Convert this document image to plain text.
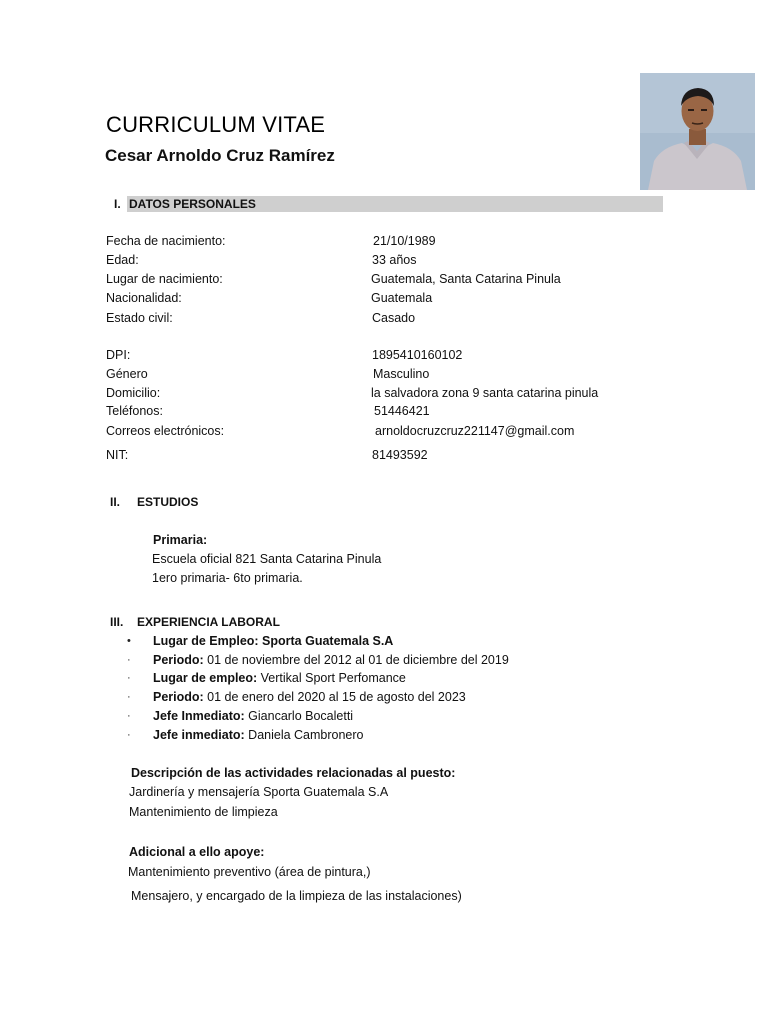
CURRICULUM VITAE
Cesar Arnoldo Cruz Ramírez
I. DATOS PERSONALES
Fecha de nacimiento:	21/10/1989
Edad:	33 años
Lugar de nacimiento:	Guatemala, Santa Catarina Pinula
Nacionalidad:	Guatemala
Estado civil:	Casado
DPI:	1895410160102
Género	Masculino
Domicilio:	la salvadora zona 9 santa catarina pinula
Teléfonos:	51446421
Correos electrónicos:	arnoldocruzcruz221147@gmail.com
NIT:	81493592
II. ESTUDIOS
Primaria:
Escuela oficial 821 Santa Catarina Pinula
1ero primaria- 6to primaria.
III. EXPERIENCIA LABORAL
• Lugar de Empleo: Sporta Guatemala S.A
· Periodo: 01 de noviembre del 2012 al 01 de diciembre del 2019
· Lugar de empleo: Vertikal Sport Perfomance
· Periodo: 01 de enero del 2020 al 15 de agosto del 2023
· Jefe Inmediato: Giancarlo Bocaletti
· Jefe inmediato: Daniela Cambronero
Descripción de las actividades relacionadas al puesto:
Jardinería y mensajería Sporta Guatemala S.A
Mantenimiento de limpieza
Adicional a ello apoye:
Mantenimiento preventivo (área de pintura,)
Mensajero, y encargado de la limpieza de las instalaciones)
